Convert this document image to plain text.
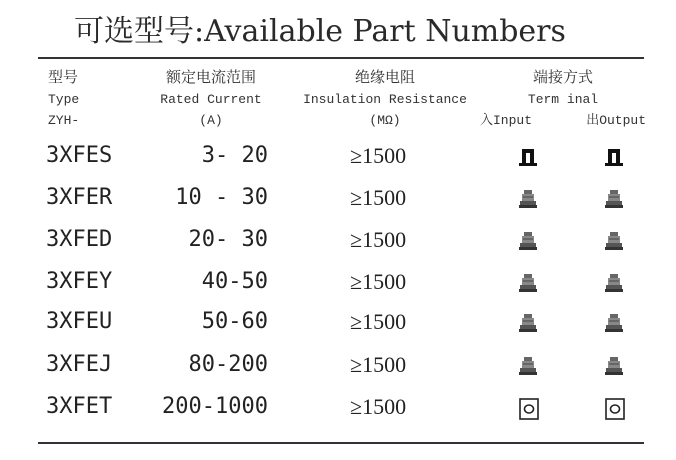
可选型号:Available Part Numbers
型号
Type
ZYH-
额定电流范围
Rated Current
(A)
绝缘电阻
Insulation Resistance
(MΩ)
端接方式
Term inal
入Input	出Output
3XFES	3- 20	≥1500
3XFER	10 - 30	≥1500
3XFED	20- 30	≥1500
3XFEY	40-50	≥1500
3XFEU	50-60	≥1500
3XFEJ	80-200	≥1500
3XFET	200-1000	≥1500
